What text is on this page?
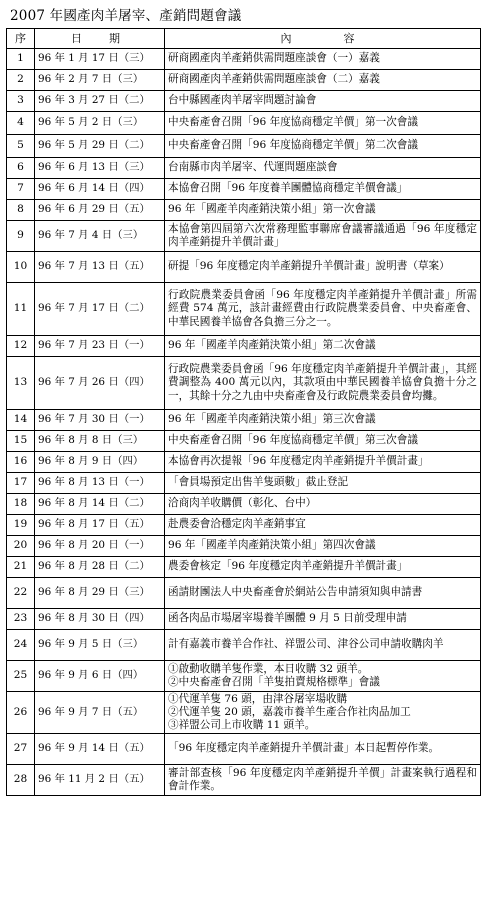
2007 年國產肉羊屠宰、產銷問題會議
序	日　期	內　　容
1	96 年 1 月 17 日（三）	研商國產肉羊產銷供需問題座談會（一）嘉義

2	96 年 2 月 7 日（三）	研商國產肉羊產銷供需問題座談會（二）嘉義

3	96 年 3 月 27 日（二）	台中縣國產肉羊屠宰問題討論會

4	96 年 5 月 2 日（三）	中央畜產會召開「96 年度協商穩定羊價」第一次會議

5	96 年 5 月 29 日（二）	中央畜產會召開「96 年度協商穩定羊價」第二次會議

6	96 年 6 月 13 日（三）	台南縣市肉羊屠宰、代運問題座談會

7	96 年 6 月 14 日（四）	本協會召開「96 年度養羊團體協商穩定羊價會議」

8	96 年 6 月 29 日（五）	96 年「國產羊肉產銷決策小組」第一次會議

9	96 年 7 月 4 日（三）	本協會第四屆第六次常務理監事聯席會議審議通過「96 年度穩定肉羊產銷提升羊價計畫」

10	96 年 7 月 13 日（五）	研提「96 年度穩定肉羊產銷提升羊價計畫」說明書（草案）

11	96 年 7 月 17 日（二）	行政院農業委員會函「96 年度穩定肉羊產銷提升羊價計畫」所需經費 574 萬元，該計畫經費由行政院農業委員會、中央畜產會、中華民國養羊協會各負擔三分之一。

12	96 年 7 月 23 日（一）	96 年「國產羊肉產銷決策小組」第二次會議

13	96 年 7 月 26 日（四）	行政院農業委員會函「96 年度穩定肉羊產銷提升羊價計畫」，其經費調整為 400 萬元以內，其款項由中華民國養羊協會負擔十分之一，其餘十分之九由中央畜產會及行政院農業委員會均攤。

14	96 年 7 月 30 日（一）	96 年「國產羊肉產銷決策小組」第三次會議

15	96 年 8 月 8 日（三）	中央畜產會召開「96 年度協商穩定羊價」第三次會議

16	96 年 8 月 9 日（四）	本協會再次提報「96 年度穩定肉羊產銷提升羊價計畫」

17	96 年 8 月 13 日（一）	「會員場預定出售羊隻頭數」截止登記

18	96 年 8 月 14 日（二）	洽商肉羊收購價（彰化、台中）

19	96 年 8 月 17 日（五）	赴農委會洽穩定肉羊產銷事宜

20	96 年 8 月 20 日（一）	96 年「國產羊肉產銷決策小組」第四次會議

21	96 年 8 月 28 日（二）	農委會核定「96 年度穩定肉羊產銷提升羊價計畫」

22	96 年 8 月 29 日（三）	函請財團法人中央畜產會於網站公告申請須知與申請書

23	96 年 8 月 30 日（四）	函各肉品市場屠宰場養羊團體 9 月 5 日前受理申請

24	96 年 9 月 5 日（三）	計有嘉義市養羊合作社、祥盟公司、津谷公司申請收購肉羊

25	96 年 9 月 6 日（四）	①啟動收購羊隻作業，本日收購 32 頭羊。
②中央畜產會召開「羊隻拍賣規格標準」會議

26	96 年 9 月 7 日（五）	①代運羊隻 76 頭，由津谷屠宰場收購
②代運羊隻 20 頭，嘉義市養羊生產合作社肉品加工
③祥盟公司上市收購 11 頭羊。

27	96 年 9 月 14 日（五）	「96 年度穩定肉羊產銷提升羊價計畫」本日起暫停作業。

28	96 年 11 月 2 日（五）	審計部查核「96 年度穩定肉羊產銷提升羊價」計畫案執行過程和會計作業。
